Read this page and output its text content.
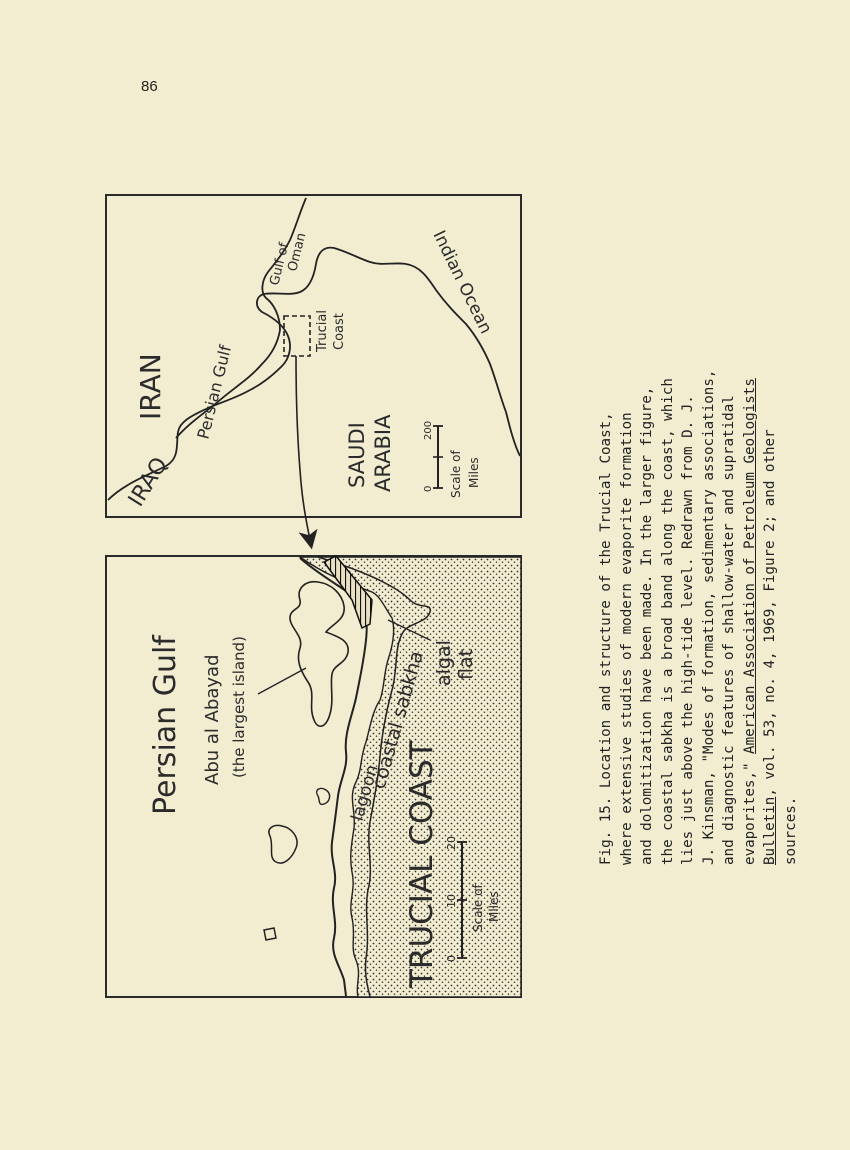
86
Persian Gulf Abu al Abayad (the largest island)
lagoon
coastal sabkha algal flat
TRUCIAL COAST 0
10
20
Scale of Miles
IRAQ
IRAN Persian Gulf
Gulf of
Oman
Trucial Coast
SAUDI ARABIA
Indian Ocean
0
200
Scale of Miles	Fig. 15. Location and structure of the Trucial Coast, where extensive studies of modern evaporite formation and dolomitization have been made. In the larger figure, the coastal sabkha is a broad band along the coast, which lies just above the high-tide level. Redrawn from D. J. J. Kinsman, "Modes of formation, sedimentary associations, and diagnostic features of shallow-water and supratidal evaporites," American Association of Petroleum Geologists
Bulletin, vol. 53, no. 4, 1969, Figure 2; and other
sources.
